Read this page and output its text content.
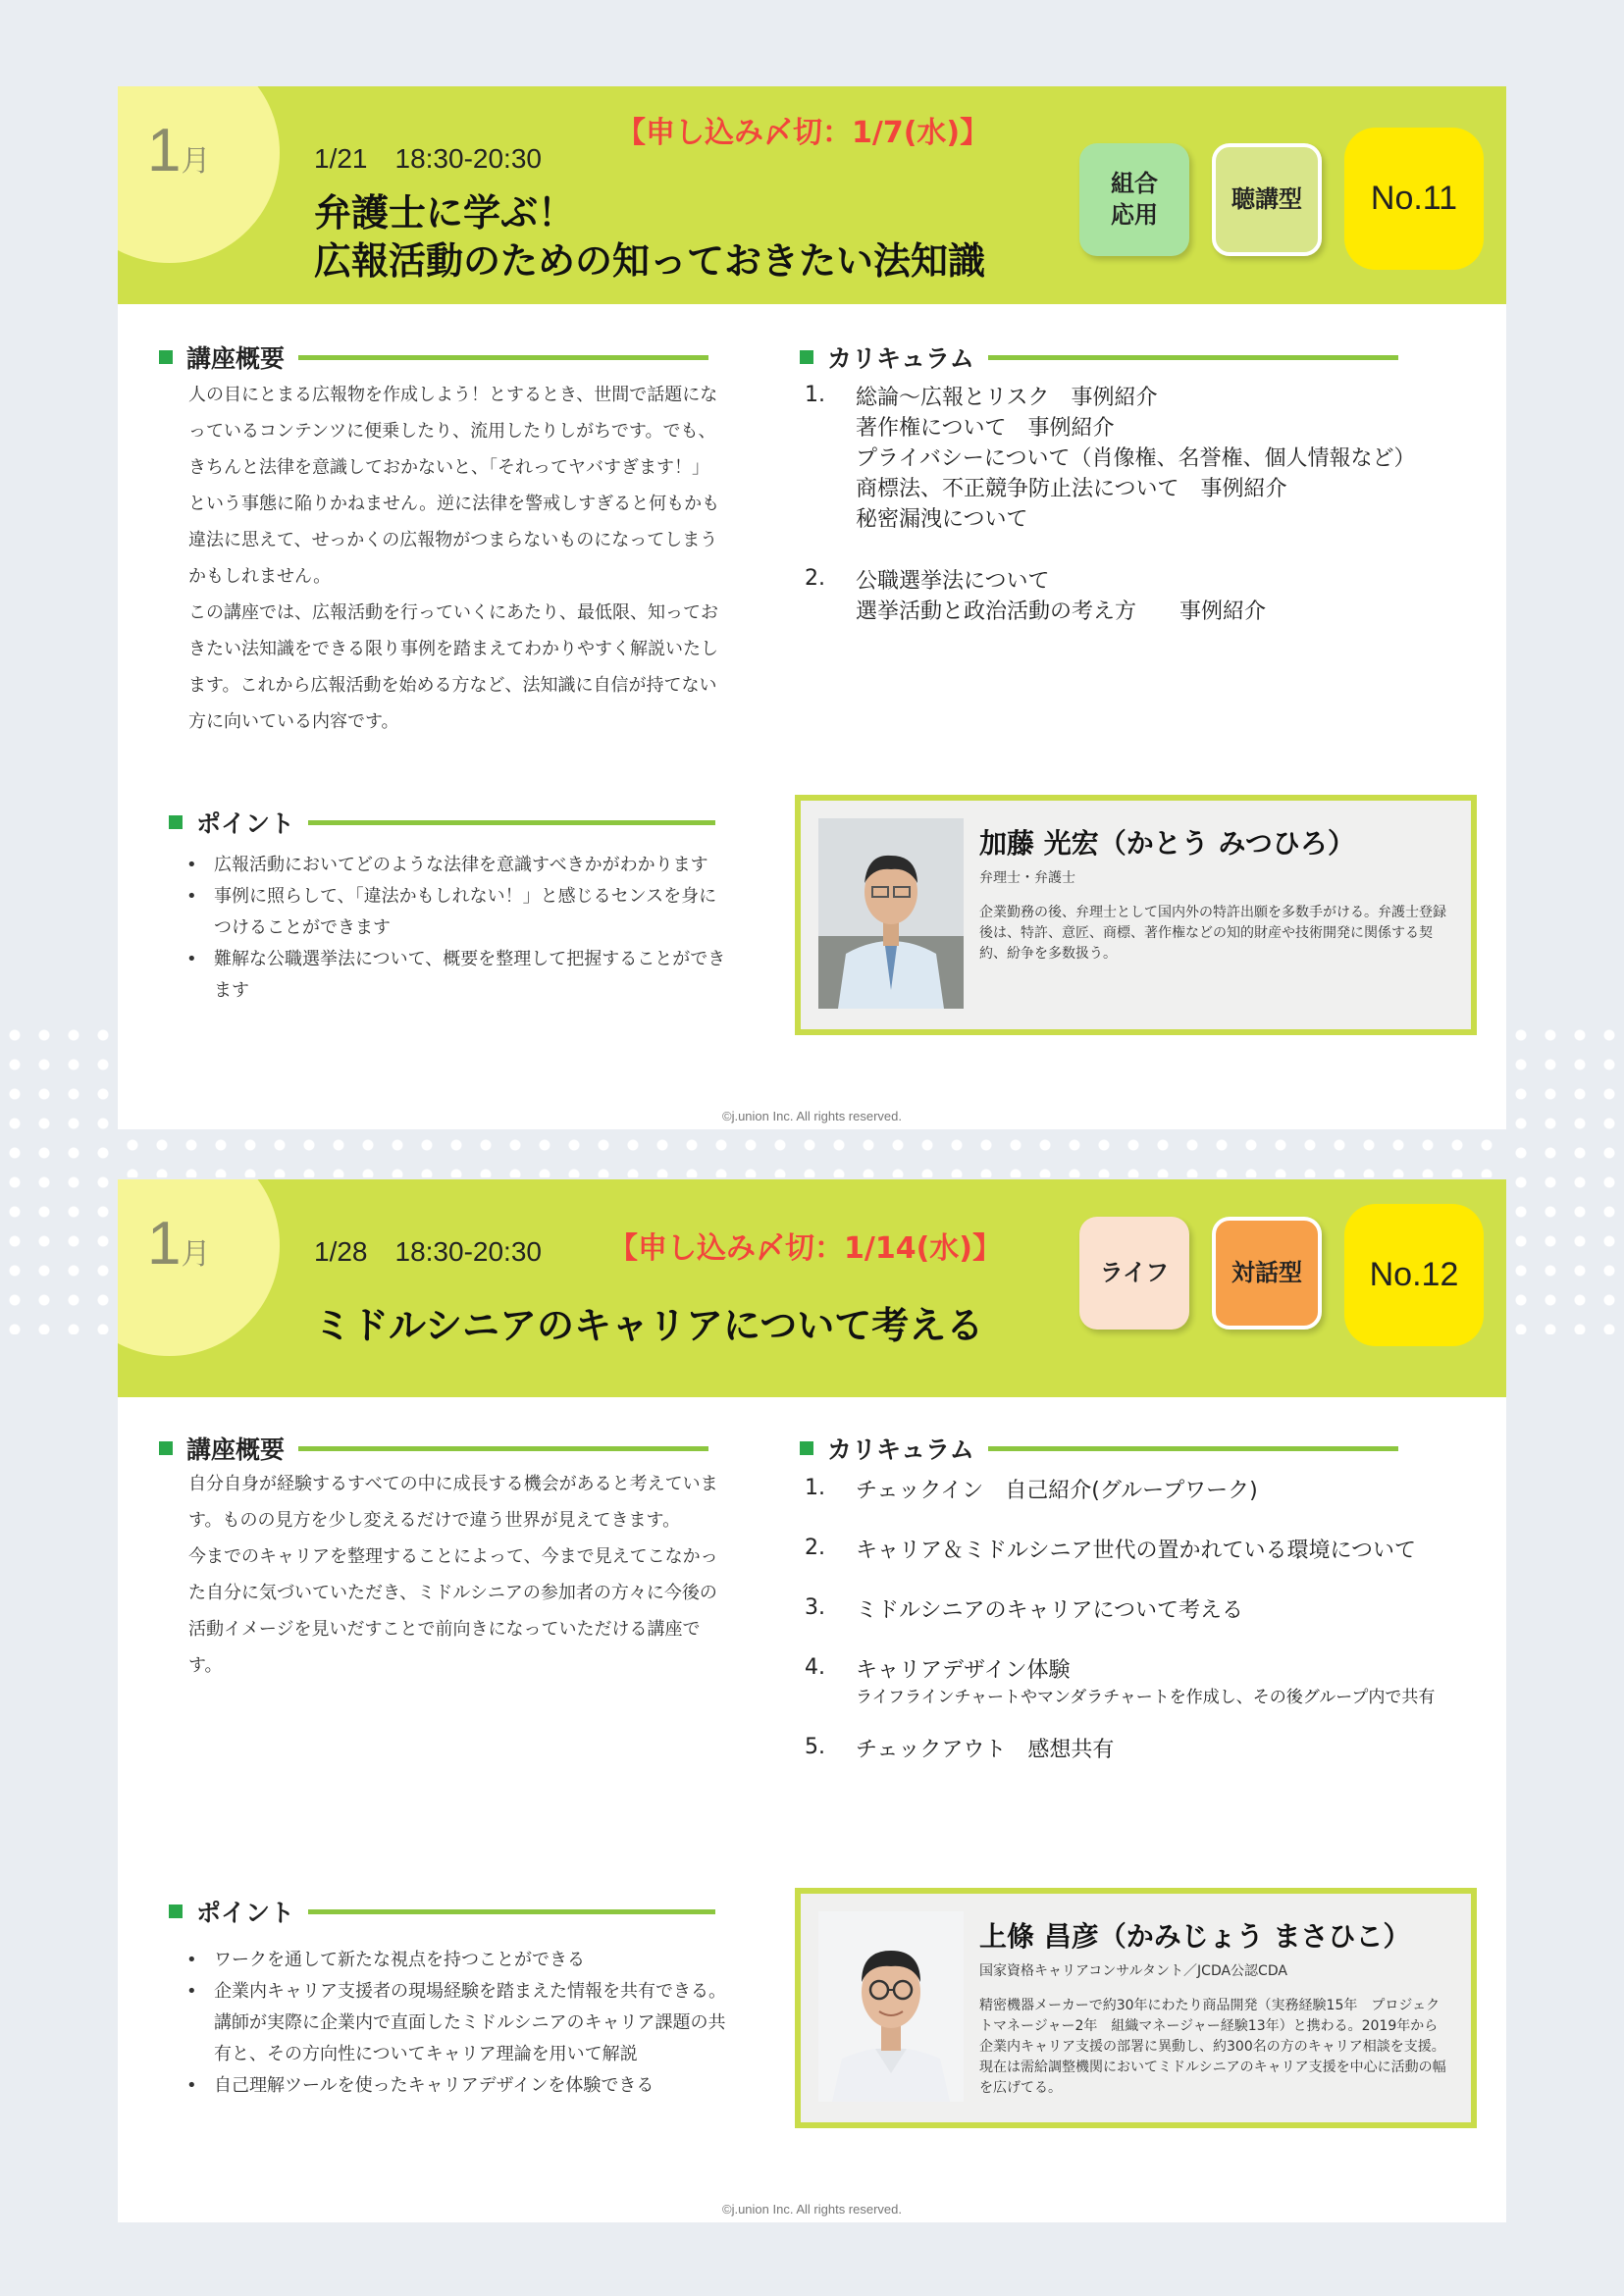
1月	1/21　18:30-20:30
【申し込み〆切：1/7(水)】
弁護士に学ぶ！
広報活動のための知っておきたい法知識
組合
応用
聴講型	No.11
講座概要
人の目にとまる広報物を作成しよう！とするとき、世間で話題になっているコンテンツに便乗したり、流用したりしがちです。でも、きちんと法律を意識しておかないと、「それってヤバすぎます！」という事態に陥りかねません。逆に法律を警戒しすぎると何もかも違法に思えて、せっかくの広報物がつまらないものになってしまうかもしれません。
この講座では、広報活動を行っていくにあたり、最低限、知っておきたい法知識をできる限り事例を踏まえてわかりやすく解説いたします。これから広報活動を始める方など、法知識に自信が持てない方に向いている内容です。
カリキュラム
1.	総論～広報とリスク　事例紹介
著作権について　事例紹介
プライバシーについて（肖像権、名誉権、個人情報など）
商標法、不正競争防止法について　事例紹介
秘密漏洩について
2.	公職選挙法について
選挙活動と政治活動の考え方　　事例紹介
ポイント
• 広報活動においてどのような法律を意識すべきかがわかります
• 事例に照らして、「違法かもしれない！」と感じるセンスを身につけることができます
• 難解な公職選挙法について、概要を整理して把握することができます
加藤 光宏（かとう みつひろ）
弁理士・弁護士
企業勤務の後、弁理士として国内外の特許出願を多数手がける。弁護士登録後は、特許、意匠、商標、著作権などの知的財産や技術開発に関係する契約、紛争を多数扱う。
©j.union Inc. All rights reserved.
1月	1/28　18:30-20:30 【申し込み〆切：1/14(水)】
ミドルシニアのキャリアについて考える
ライフ	対話型	No.12
講座概要
自分自身が経験するすべての中に成長する機会があると考えています。ものの見方を少し変えるだけで違う世界が見えてきます。
今までのキャリアを整理することによって、今まで見えてこなかった自分に気づいていただき、ミドルシニアの参加者の方々に今後の活動イメージを見いだすことで前向きになっていただける講座です。
カリキュラム
1.	チェックイン　自己紹介(グループワーク)
2.	キャリア＆ミドルシニア世代の置かれている環境について
3.	ミドルシニアのキャリアについて考える
4.	キャリアデザイン体験
ライフラインチャートやマンダラチャートを作成し、その後グループ内で共有
5.	チェックアウト　感想共有
ポイント
• ワークを通して新たな視点を持つことができる
• 企業内キャリア支援者の現場経験を踏まえた情報を共有できる。講師が実際に企業内で直面したミドルシニアのキャリア課題の共有と、その方向性についてキャリア理論を用いて解説
• 自己理解ツールを使ったキャリアデザインを体験できる
上條 昌彦（かみじょう まさひこ）
国家資格キャリアコンサルタント／JCDA公認CDA
精密機器メーカーで約30年にわたり商品開発（実務経験15年　プロジェクトマネージャー2年　組織マネージャー経験13年）と携わる。2019年から企業内キャリア支援の部署に異動し、約300名の方のキャリア相談を支援。現在は需給調整機関においてミドルシニアのキャリア支援を中心に活動の幅を広げてる。
©j.union Inc. All rights reserved.
